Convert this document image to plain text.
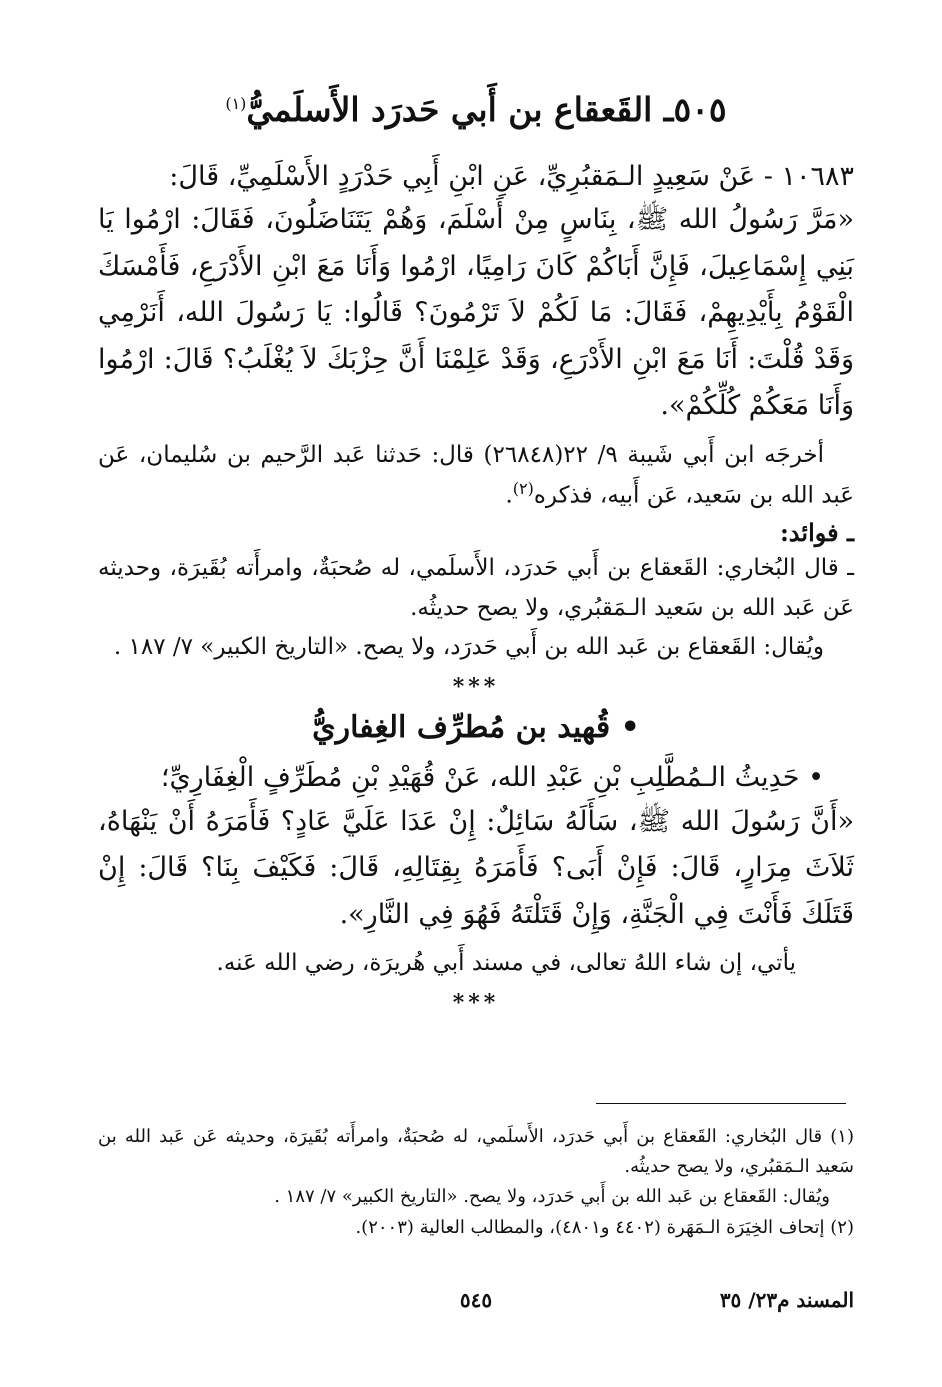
٥٠٥ـ القَعقاع بن أَبي حَدرَد الأَسلَميُّ$^{(١)}$

١٠٦٨٣ - عَنْ سَعِيدٍ الـمَقبُرِيِّ، عَنِ ابْنِ أَبِي حَدْرَدٍ الأَسْلَمِيِّ، قَالَ:

«مَرَّ رَسُولُ الله ﷺ، بِنَاسٍ مِنْ أَسْلَمَ، وَهُمْ يَتَنَاضَلُونَ، فَقَالَ: ارْمُوا يَا بَنِي إِسْمَاعِيلَ، فَإِنَّ أَبَاكُمْ كَانَ رَامِيًا، ارْمُوا وَأَنَا مَعَ ابْنِ الأَدْرَعِ، فَأَمْسَكَ الْقَوْمُ بِأَيْدِيهِمْ، فَقَالَ: مَا لَكُمْ لاَ تَرْمُونَ؟ قَالُوا: يَا رَسُولَ الله، أَنَرْمِي وَقَدْ قُلْتَ: أَنَا مَعَ ابْنِ الأَدْرَعِ، وَقَدْ عَلِمْنَا أَنَّ حِزْبَكَ لاَ يُغْلَبُ؟ قَالَ: ارْمُوا وَأَنَا مَعَكُمْ كُلِّكُمْ».

أخرجَه ابن أَبي شَيبة ٩/ ٢٢(٢٦٨٤٨) قال: حَدثنا عَبد الرَّحيم بن سُليمان، عَن عَبد الله بن سَعيد، عَن أَبيه، فذكره$^{(٢)}$.

ـ فوائد:

ـ قال البُخاري: القَعقاع بن أَبي حَدرَد، الأَسلَمي، له صُحبَةٌ، وامرأَته بُقَيرَة، وحديثه عَن عَبد الله بن سَعيد الـمَقبُري، ولا يصح حديثُه.

ويُقال: القَعقاع بن عَبد الله بن أَبي حَدرَد، ولا يصح. «التاريخ الكبير» ٧/ ١٨٧ .

***
• قُهيد بن مُطرِّف الغِفاريُّ

• حَدِيثُ الـمُطَّلِبِ بْنِ عَبْدِ الله، عَنْ قُهَيْدِ بْنِ مُطَرِّفٍ الْغِفَارِيِّ؛

«أَنَّ رَسُولَ الله ﷺ، سَأَلَهُ سَائِلٌ: إِنْ عَدَا عَلَيَّ عَادٍ؟ فَأَمَرَهُ أَنْ يَنْهَاهُ، ثَلاَثَ مِرَارٍ، قَالَ: فَإِنْ أَبَى؟ فَأَمَرَهُ بِقِتَالِهِ، قَالَ: فَكَيْفَ بِنَا؟ قَالَ: إِنْ قَتَلَكَ فَأَنْتَ فِي الْجَنَّةِ، وَإِنْ قَتَلْتَهُ فَهُوَ فِي النَّارِ».

يأتي، إن شاء اللهُ تعالى، في مسند أَبي هُريرَة، رضي الله عَنه.

***

(١) قال البُخاري: القَعقاع بن أَبي حَدرَد، الأَسلَمي، له صُحبَةٌ، وامرأَته بُقَيرَة، وحديثه عَن عَبد الله بن سَعيد الـمَقبُري، ولا يصح حديثُه.

ويُقال: القَعقاع بن عَبد الله بن أَبي حَدرَد، ولا يصح. «التاريخ الكبير» ٧/ ١٨٧ .

(٢) إتحاف الخِيَرَة الـمَهَرة (٤٤٠٢ و٤٨٠١)، والمطالب العالية (٢٠٠٣).

المسند م٢٣/ ٣٥
٥٤٥
